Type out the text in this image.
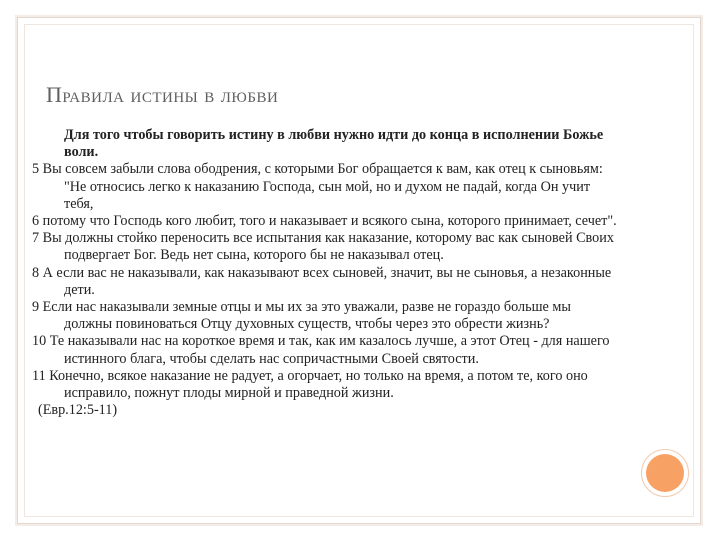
Правила истины в любви

Для того чтобы говорить истину в любви нужно идти до конца в исполнении Божье воли.

5 Вы совсем забыли слова ободрения, с которыми Бог обращается к вам, как отец к сыновьям: "Не относись легко к наказанию Господа, сын мой, но и духом не падай, когда Он учит тебя,

6 потому что Господь кого любит, того и наказывает и всякого сына, которого принимает, сечет".

7 Вы должны стойко переносить все испытания как наказание, которому вас как сыновей Своих подвергает Бог. Ведь нет сына, которого бы не наказывал отец.

8 А если вас не наказывали, как наказывают всех сыновей, значит, вы не сыновья, а незаконные дети.

9 Если нас наказывали земные отцы и мы их за это уважали, разве не гораздо больше мы должны повиноваться Отцу духовных существ, чтобы через это обрести жизнь?

10 Те наказывали нас на короткое время и так, как им казалось лучше, а этот Отец - для нашего истинного блага, чтобы сделать нас сопричастными Своей святости.

11 Конечно, всякое наказание не радует, а огорчает, но только на время, а потом те, кого оно исправило, пожнут плоды мирной и праведной жизни.

(Евр.12:5-11)
